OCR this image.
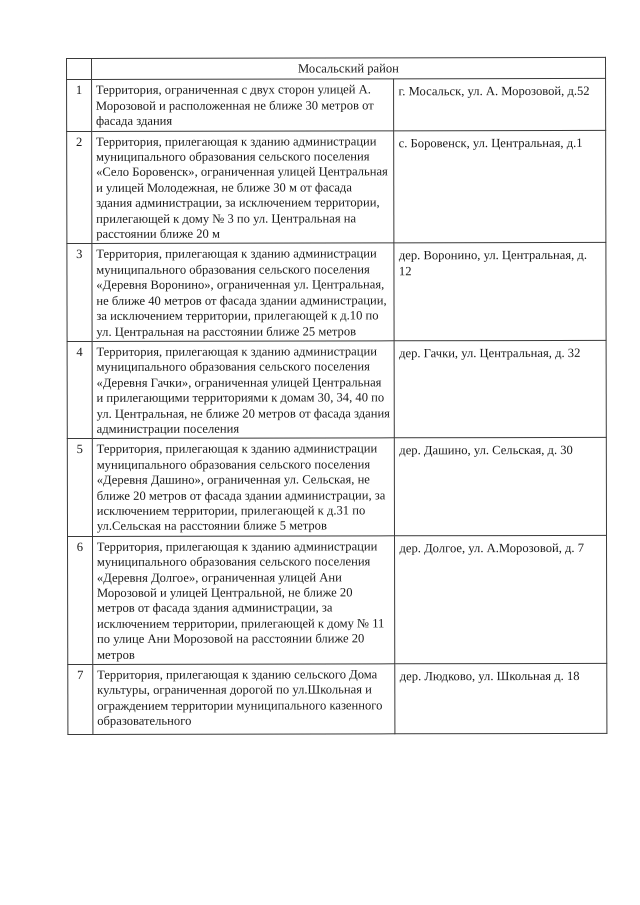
	Мосальский район	
1	Территория, ограниченная с двух сторон улицей А. Морозовой и расположенная не ближе 30 метров от фасада здания	г. Мосальск, ул. А. Морозовой, д.52
2	Территория, прилегающая к зданию администрации муниципального образования сельского поселения «Село Боровенск», ограниченная улицей Центральная и улицей Молодежная, не ближе 30 м от фасада здания администрации, за исключением территории, прилегающей к дому № 3 по ул. Центральная на расстоянии ближе 20 м	с. Боровенск, ул. Центральная, д.1
3	Территория, прилегающая к зданию администрации муниципального образования сельского поселения «Деревня Воронино», ограниченная ул. Центральная, не ближе 40 метров от фасада здании администрации, за исключением территории, прилегающей к д.10 по ул. Центральная на расстоянии ближе 25 метров	дер. Воронино, ул. Центральная, д. 12
4	Территория, прилегающая к зданию администрации муниципального образования сельского поселения «Деревня Гачки», ограниченная улицей Центральная и прилегающими территориями к домам 30, 34, 40 по ул. Центральная, не ближе 20 метров от фасада здания администрации поселения	дер. Гачки, ул. Центральная, д. 32
5	Территория, прилегающая к зданию администрации муниципального образования сельского поселения «Деревня Дашино», ограниченная ул. Сельская, не ближе 20 метров от фасада здании администрации, за исключением территории, прилегающей к д.31 по ул.Сельская на расстоянии ближе 5 метров	дер. Дашино, ул. Сельская, д. 30
6	Территория, прилегающая к зданию администрации муниципального образования сельского поселения «Деревня Долгое», ограниченная улицей Ани Морозовой и улицей Центральной, не ближе 20 метров от фасада здания администрации, за исключением территории, прилегающей к дому № 11 по улице Ани Морозовой на расстоянии ближе 20 метров	дер. Долгое, ул. А.Морозовой, д. 7
7	Территория, прилегающая к зданию сельского Дома культуры, ограниченная дорогой по ул.Школьная и ограждением территории муниципального казенного образовательного	дер. Людково, ул. Школьная д. 18
